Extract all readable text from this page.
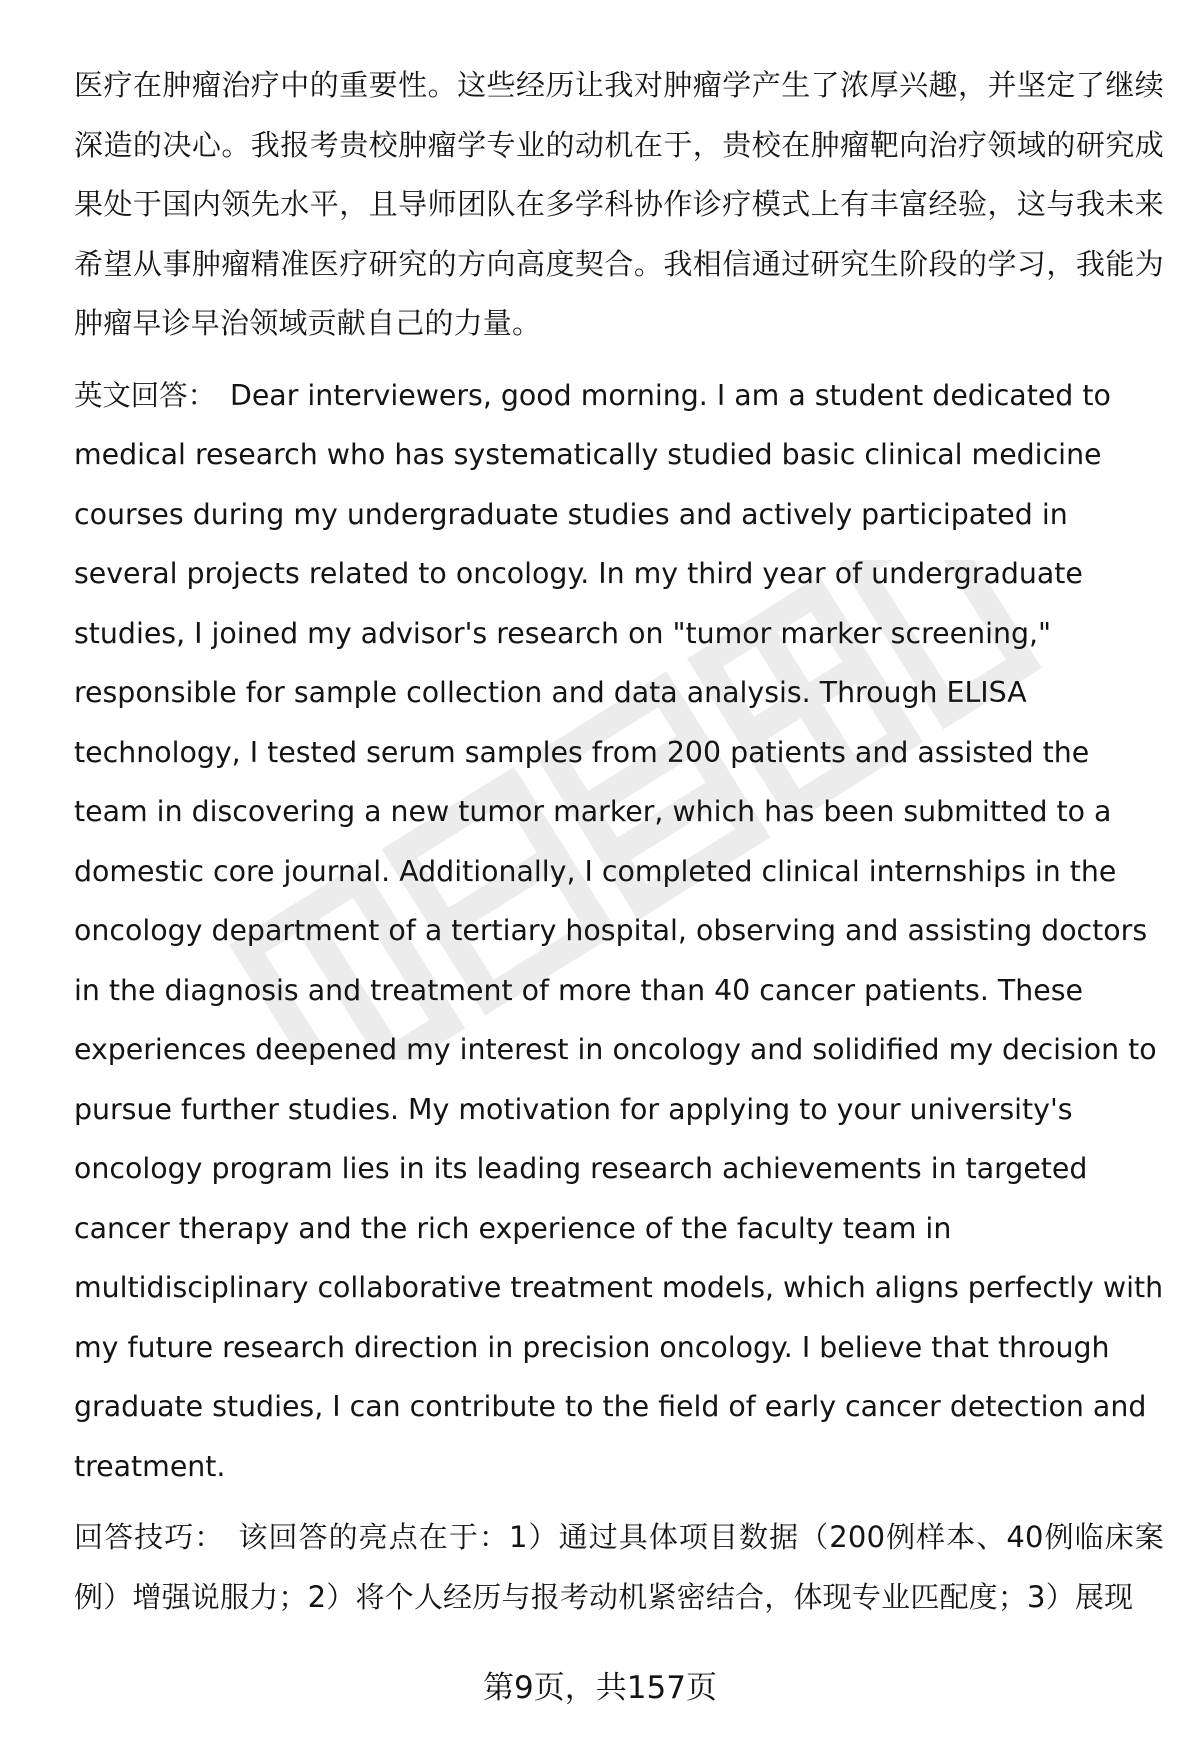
医疗在肿瘤治疗中的重要性。这些经历让我对肿瘤学产生了浓厚兴趣，并坚定了继续深造的决心。我报考贵校肿瘤学专业的动机在于，贵校在肿瘤靶向治疗领域的研究成果处于国内领先水平，且导师团队在多学科协作诊疗模式上有丰富经验，这与我未来希望从事肿瘤精准医疗研究的方向高度契合。我相信通过研究生阶段的学习，我能为肿瘤早诊早治领域贡献自己的力量。

英文回答： Dear interviewers, good morning. I am a student dedicated to medical research who has systematically studied basic clinical medicine courses during my undergraduate studies and actively participated in several projects related to oncology. In my third year of undergraduate studies, I joined my advisor's research on "tumor marker screening," responsible for sample collection and data analysis. Through ELISA technology, I tested serum samples from 200 patients and assisted the team in discovering a new tumor marker, which has been submitted to a domestic core journal. Additionally, I completed clinical internships in the oncology department of a tertiary hospital, observing and assisting doctors in the diagnosis and treatment of more than 40 cancer patients. These experiences deepened my interest in oncology and solidified my decision to pursue further studies. My motivation for applying to your university's oncology program lies in its leading research achievements in targeted cancer therapy and the rich experience of the faculty team in multidisciplinary collaborative treatment models, which aligns perfectly with my future research direction in precision oncology. I believe that through graduate studies, I can contribute to the field of early cancer detection and treatment.

回答技巧： 该回答的亮点在于：1）通过具体项目数据（200例样本、40例临床案例）增强说服力；2）将个人经历与报考动机紧密结合，体现专业匹配度；3）展现

第9页，共157页
